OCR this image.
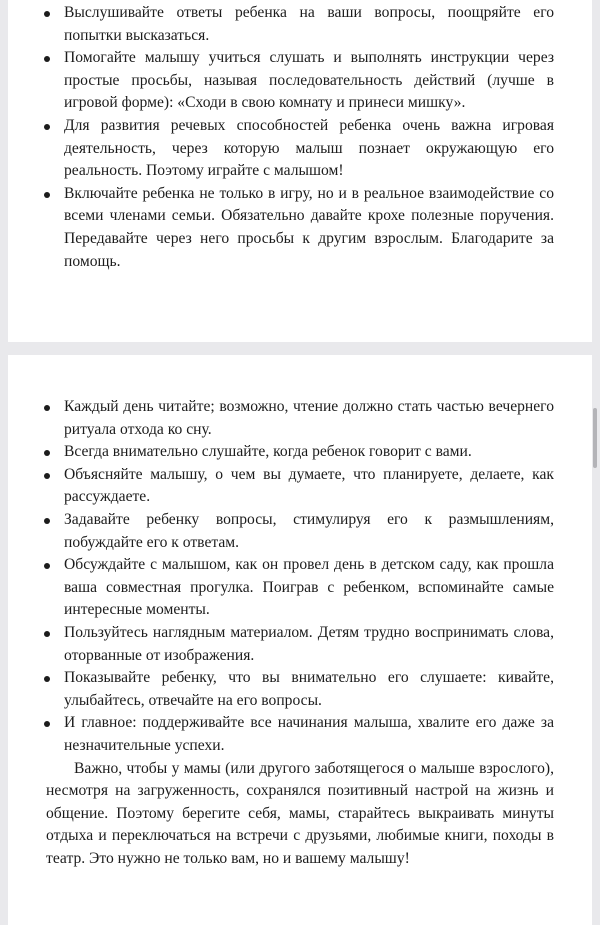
Выслушивайте ответы ребенка на ваши вопросы, поощряйте его попытки высказаться.
Помогайте малышу учиться слушать и выполнять инструкции через простые просьбы, называя последовательность действий (лучше в игровой форме): «Сходи в свою комнату и принеси мишку».
Для развития речевых способностей ребенка очень важна игровая деятельность, через которую малыш познает окружающую его реальность. Поэтому играйте с малышом!
Включайте ребенка не только в игру, но и в реальное взаимодействие со всеми членами семьи. Обязательно давайте крохе полезные поручения. Передавайте через него просьбы к другим взрослым. Благодарите за помощь.
Каждый день читайте; возможно, чтение должно стать частью вечернего ритуала отхода ко сну.
Всегда внимательно слушайте, когда ребенок говорит с вами.
Объясняйте малышу, о чем вы думаете, что планируете, делаете, как рассуждаете.
Задавайте ребенку вопросы, стимулируя его к размышлениям, побуждайте его к ответам.
Обсуждайте с малышом, как он провел день в детском саду, как прошла ваша совместная прогулка. Поиграв с ребенком, вспоминайте самые интересные моменты.
Пользуйтесь наглядным материалом. Детям трудно воспринимать слова, оторванные от изображения.
Показывайте ребенку, что вы внимательно его слушаете: кивайте, улыбайтесь, отвечайте на его вопросы.
И главное: поддерживайте все начинания малыша, хвалите его даже за незначительные успехи.

Важно, чтобы у мамы (или другого заботящегося о малыше взрослого), несмотря на загруженность, сохранялся позитивный настрой на жизнь и общение. Поэтому берегите себя, мамы, старайтесь выкраивать минуты отдыха и переключаться на встречи с друзьями, любимые книги, походы в театр. Это нужно не только вам, но и вашему малышу!
